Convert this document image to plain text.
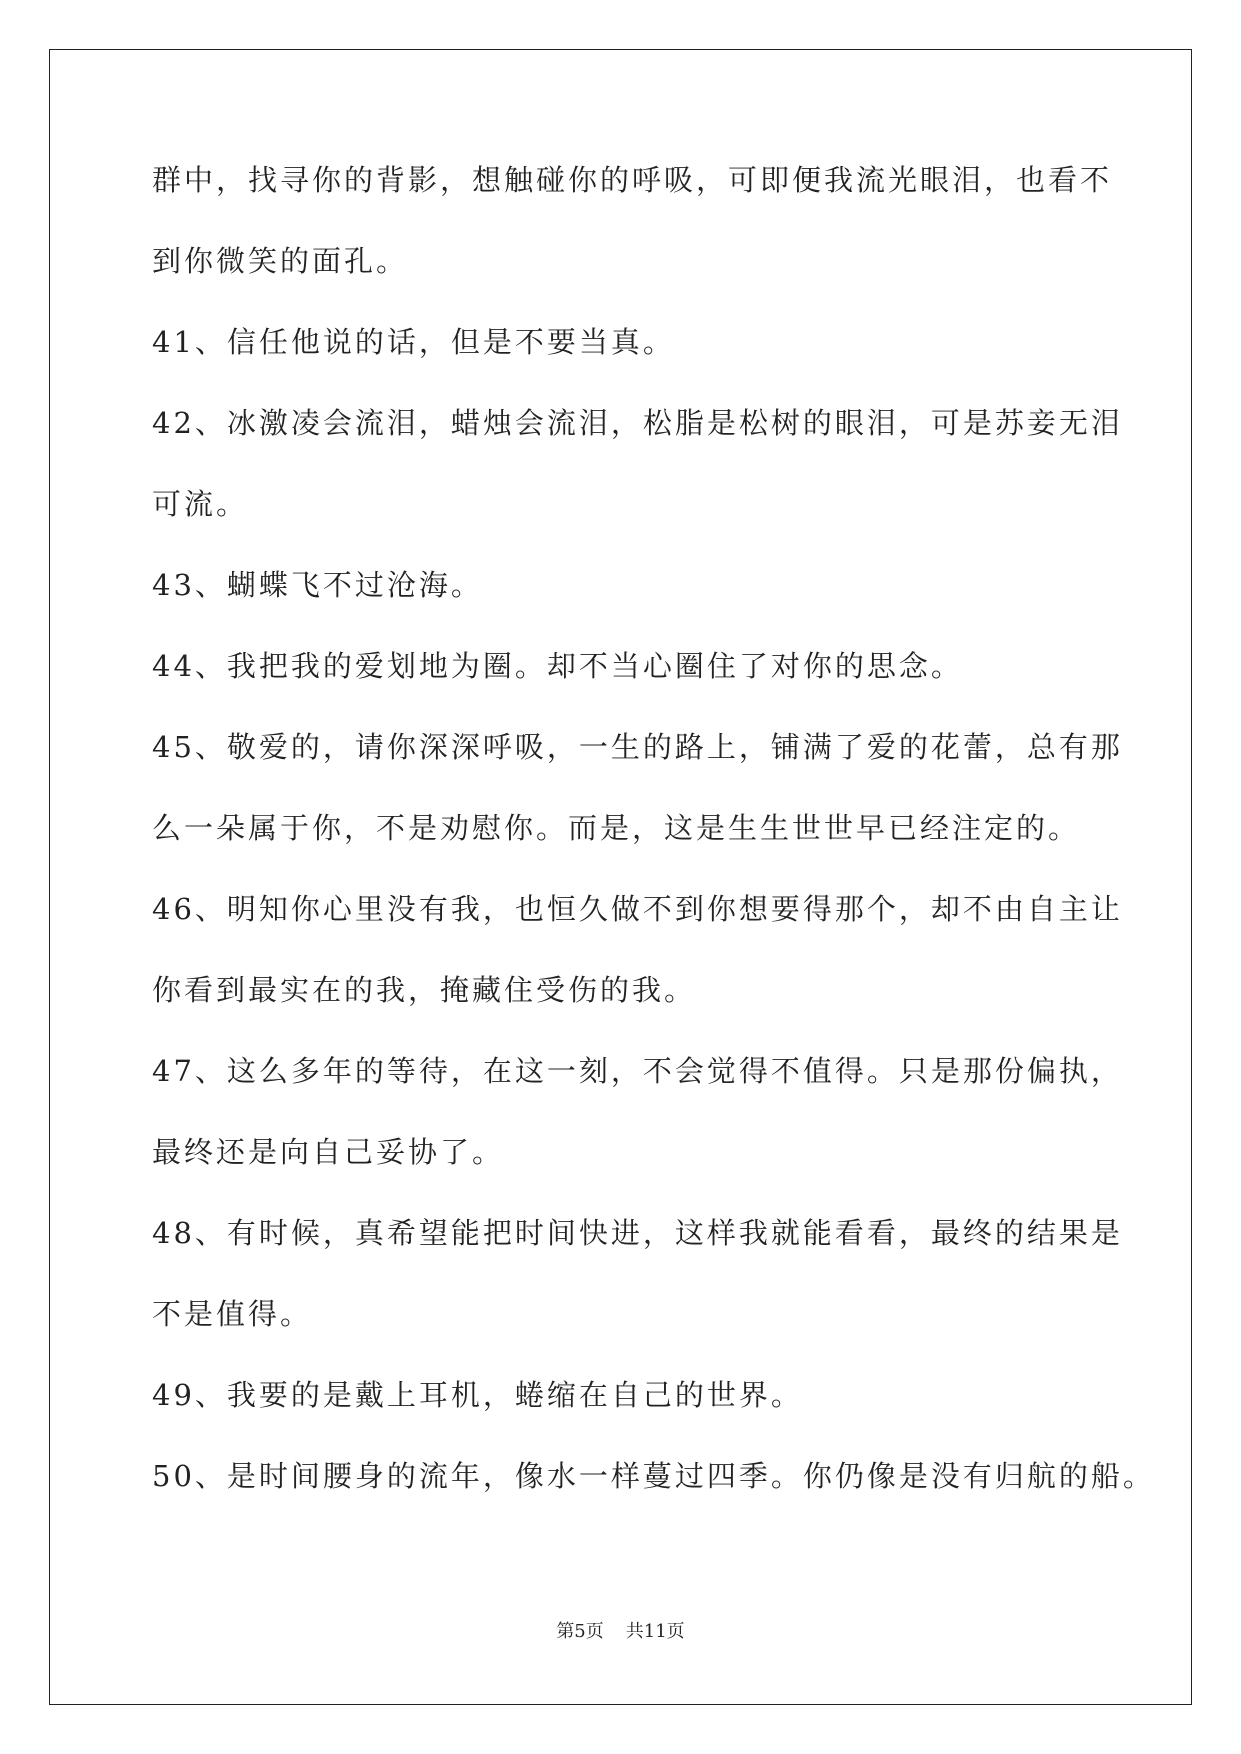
群中，找寻你的背影，想触碰你的呼吸，可即便我流光眼泪，也看不
到你微笑的面孔。
41、信任他说的话，但是不要当真。
42、冰激凌会流泪，蜡烛会流泪，松脂是松树的眼泪，可是苏妾无泪
可流。
43、蝴蝶飞不过沧海。
44、我把我的爱划地为圈。却不当心圈住了对你的思念。
45、敬爱的，请你深深呼吸，一生的路上，铺满了爱的花蕾，总有那
么一朵属于你，不是劝慰你。而是，这是生生世世早已经注定的。
46、明知你心里没有我，也恒久做不到你想要得那个，却不由自主让
你看到最实在的我，掩藏住受伤的我。
47、这么多年的等待，在这一刻，不会觉得不值得。只是那份偏执，
最终还是向自己妥协了。
48、有时候，真希望能把时间快进，这样我就能看看，最终的结果是
不是值得。
49、我要的是戴上耳机，蜷缩在自己的世界。
50、是时间腰身的流年，像水一样蔓过四季。你仍像是没有归航的船。
第5页 共11页
